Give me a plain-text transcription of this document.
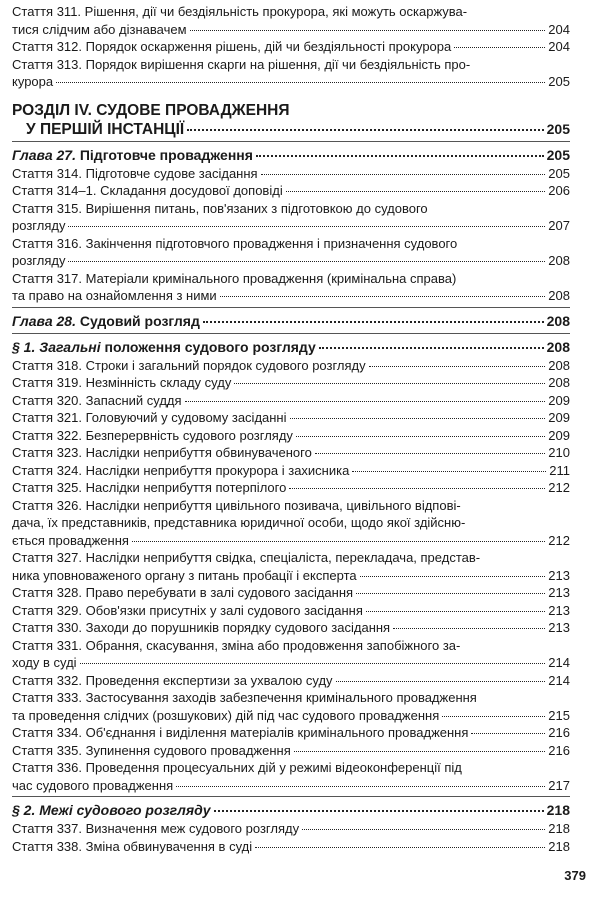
Стаття 311. Рішення, дії чи бездіяльність прокурора, які можуть оскаржува-
тися слідчим або дізнавачем	204
Стаття 312. Порядок оскарження рішень, дій чи бездіяльності прокурора	204
Стаття 313. Порядок вирішення скарги на рішення, дії чи бездіяльність про-
курора	205
РОЗДІЛ IV. СУДОВЕ ПРОВАДЖЕННЯ
У ПЕРШІЙ ІНСТАНЦІЇ	205
Глава 27. Підготовче провадження	205
Стаття 314. Підготовче судове засідання	205
Стаття 314–1. Складання досудової доповіді	206
Стаття 315. Вирішення питань, пов'язаних з підготовкою до судового
розгляду	207
Стаття 316. Закінчення підготовчого провадження і призначення судового
розгляду	208
Стаття 317. Матеріали кримінального провадження (кримінальна справа)
та право на ознайомлення з ними	208
Глава 28. Судовий розгляд	208
§ 1. Загальні положення судового розгляду	208
Стаття 318. Строки і загальний порядок судового розгляду	208
Стаття 319. Незмінність складу суду	208
Стаття 320. Запасний суддя	209
Стаття 321. Головуючий у судовому засіданні	209
Стаття 322. Безперервність судового розгляду	209
Стаття 323. Наслідки неприбуття обвинуваченого	210
Стаття 324. Наслідки неприбуття прокурора і захисника	211
Стаття 325. Наслідки неприбуття потерпілого	212
Стаття 326. Наслідки неприбуття цивільного позивача, цивільного відпові-
дача, їх представників, представника юридичної особи, щодо якої здійсню-
ється провадження	212
Стаття 327. Наслідки неприбуття свідка, спеціаліста, перекладача, представ-
ника уповноваженого органу з питань пробації і експерта	213
Стаття 328. Право перебувати в залі судового засідання	213
Стаття 329. Обов'язки присутніх у залі судового засідання	213
Стаття 330. Заходи до порушників порядку судового засідання	213
Стаття 331. Обрання, скасування, зміна або продовження запобіжного за-
ходу в суді	214
Стаття 332. Проведення експертизи за ухвалою суду	214
Стаття 333. Застосування заходів забезпечення кримінального провадження
та проведення слідчих (розшукових) дій під час судового провадження	215
Стаття 334. Об'єднання і виділення матеріалів кримінального провадження	216
Стаття 335. Зупинення судового провадження	216
Стаття 336. Проведення процесуальних дій у режимі відеоконференції під
час судового провадження	217
§ 2. Межі судового розгляду	218
Стаття 337. Визначення меж судового розгляду	218
Стаття 338. Зміна обвинувачення в суді	218
379
